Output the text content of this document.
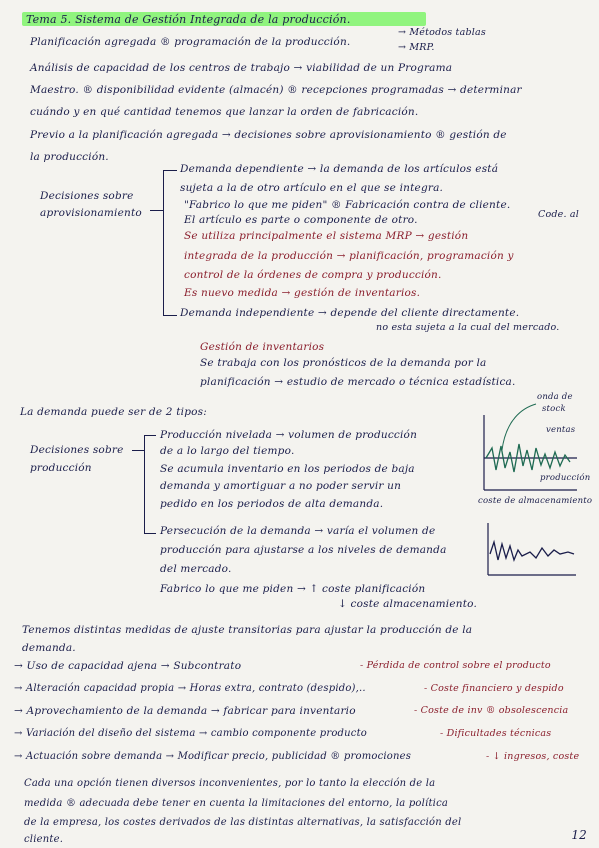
Tema 5. Sistema de Gestión Integrada de la producción.
Planificación agregada ® programación de la producción.
→ Métodos tablas
→ MRP.
Análisis de capacidad de los centros de trabajo → viabilidad de un Programa
Maestro. ® disponibilidad evidente (almacén) ® recepciones programadas → determinar
cuándo y en qué cantidad tenemos que lanzar la orden de fabricación.
Previo a la planificación agregada → decisiones sobre aprovisionamiento ® gestión de
la producción.
Decisiones sobre
aprovisionamiento
Demanda dependiente → la demanda de los artículos está
sujeta a la de otro artículo en el que se integra.
"Fabrico lo que me piden" ® Fabricación contra de cliente.
Code. al
El artículo es parte o componente de otro.
Se utiliza principalmente el sistema MRP → gestión
integrada de la producción → planificación, programación y
control de la órdenes de compra y producción.
Es nuevo medida → gestión de inventarios.
Demanda independiente → depende del cliente directamente.
no esta sujeta a la cual del mercado.
Gestión de inventarios
Se trabaja con los pronósticos de la demanda por la
planificación → estudio de mercado o técnica estadística.
La demanda puede ser de 2 tipos:
Decisiones sobre
producción
Producción nivelada → volumen de producción
de a lo largo del tiempo.
Se acumula inventario en los periodos de baja
demanda y amortiguar a no poder servir un
pedido en los periodos de alta demanda.
onda de
stock
ventas
producción
coste de almacenamiento
Persecución de la demanda → varía el volumen de
producción para ajustarse a los niveles de demanda
del mercado.
Fabrico lo que me piden → ↑ coste planificación
↓ coste almacenamiento.
Tenemos distintas medidas de ajuste transitorias para ajustar la producción de la
demanda.
→ Uso de capacidad ajena → Subcontrato	- Pérdida de control sobre el producto
→ Alteración capacidad propia → Horas extra, contrato (despido),..	- Coste financiero y despido
→ Aprovechamiento de la demanda → fabricar para inventario	- Coste de inv ® obsolescencia
→ Variación del diseño del sistema → cambio componente producto	- Dificultades técnicas
→ Actuación sobre demanda → Modificar precio, publicidad ® promociones	- ↓ ingresos, coste
Cada una opción tienen diversos inconvenientes, por lo tanto la elección de la
medida ® adecuada debe tener en cuenta la limitaciones del entorno, la política
de la empresa, los costes derivados de las distintas alternativas, la satisfacción del
cliente.	12
